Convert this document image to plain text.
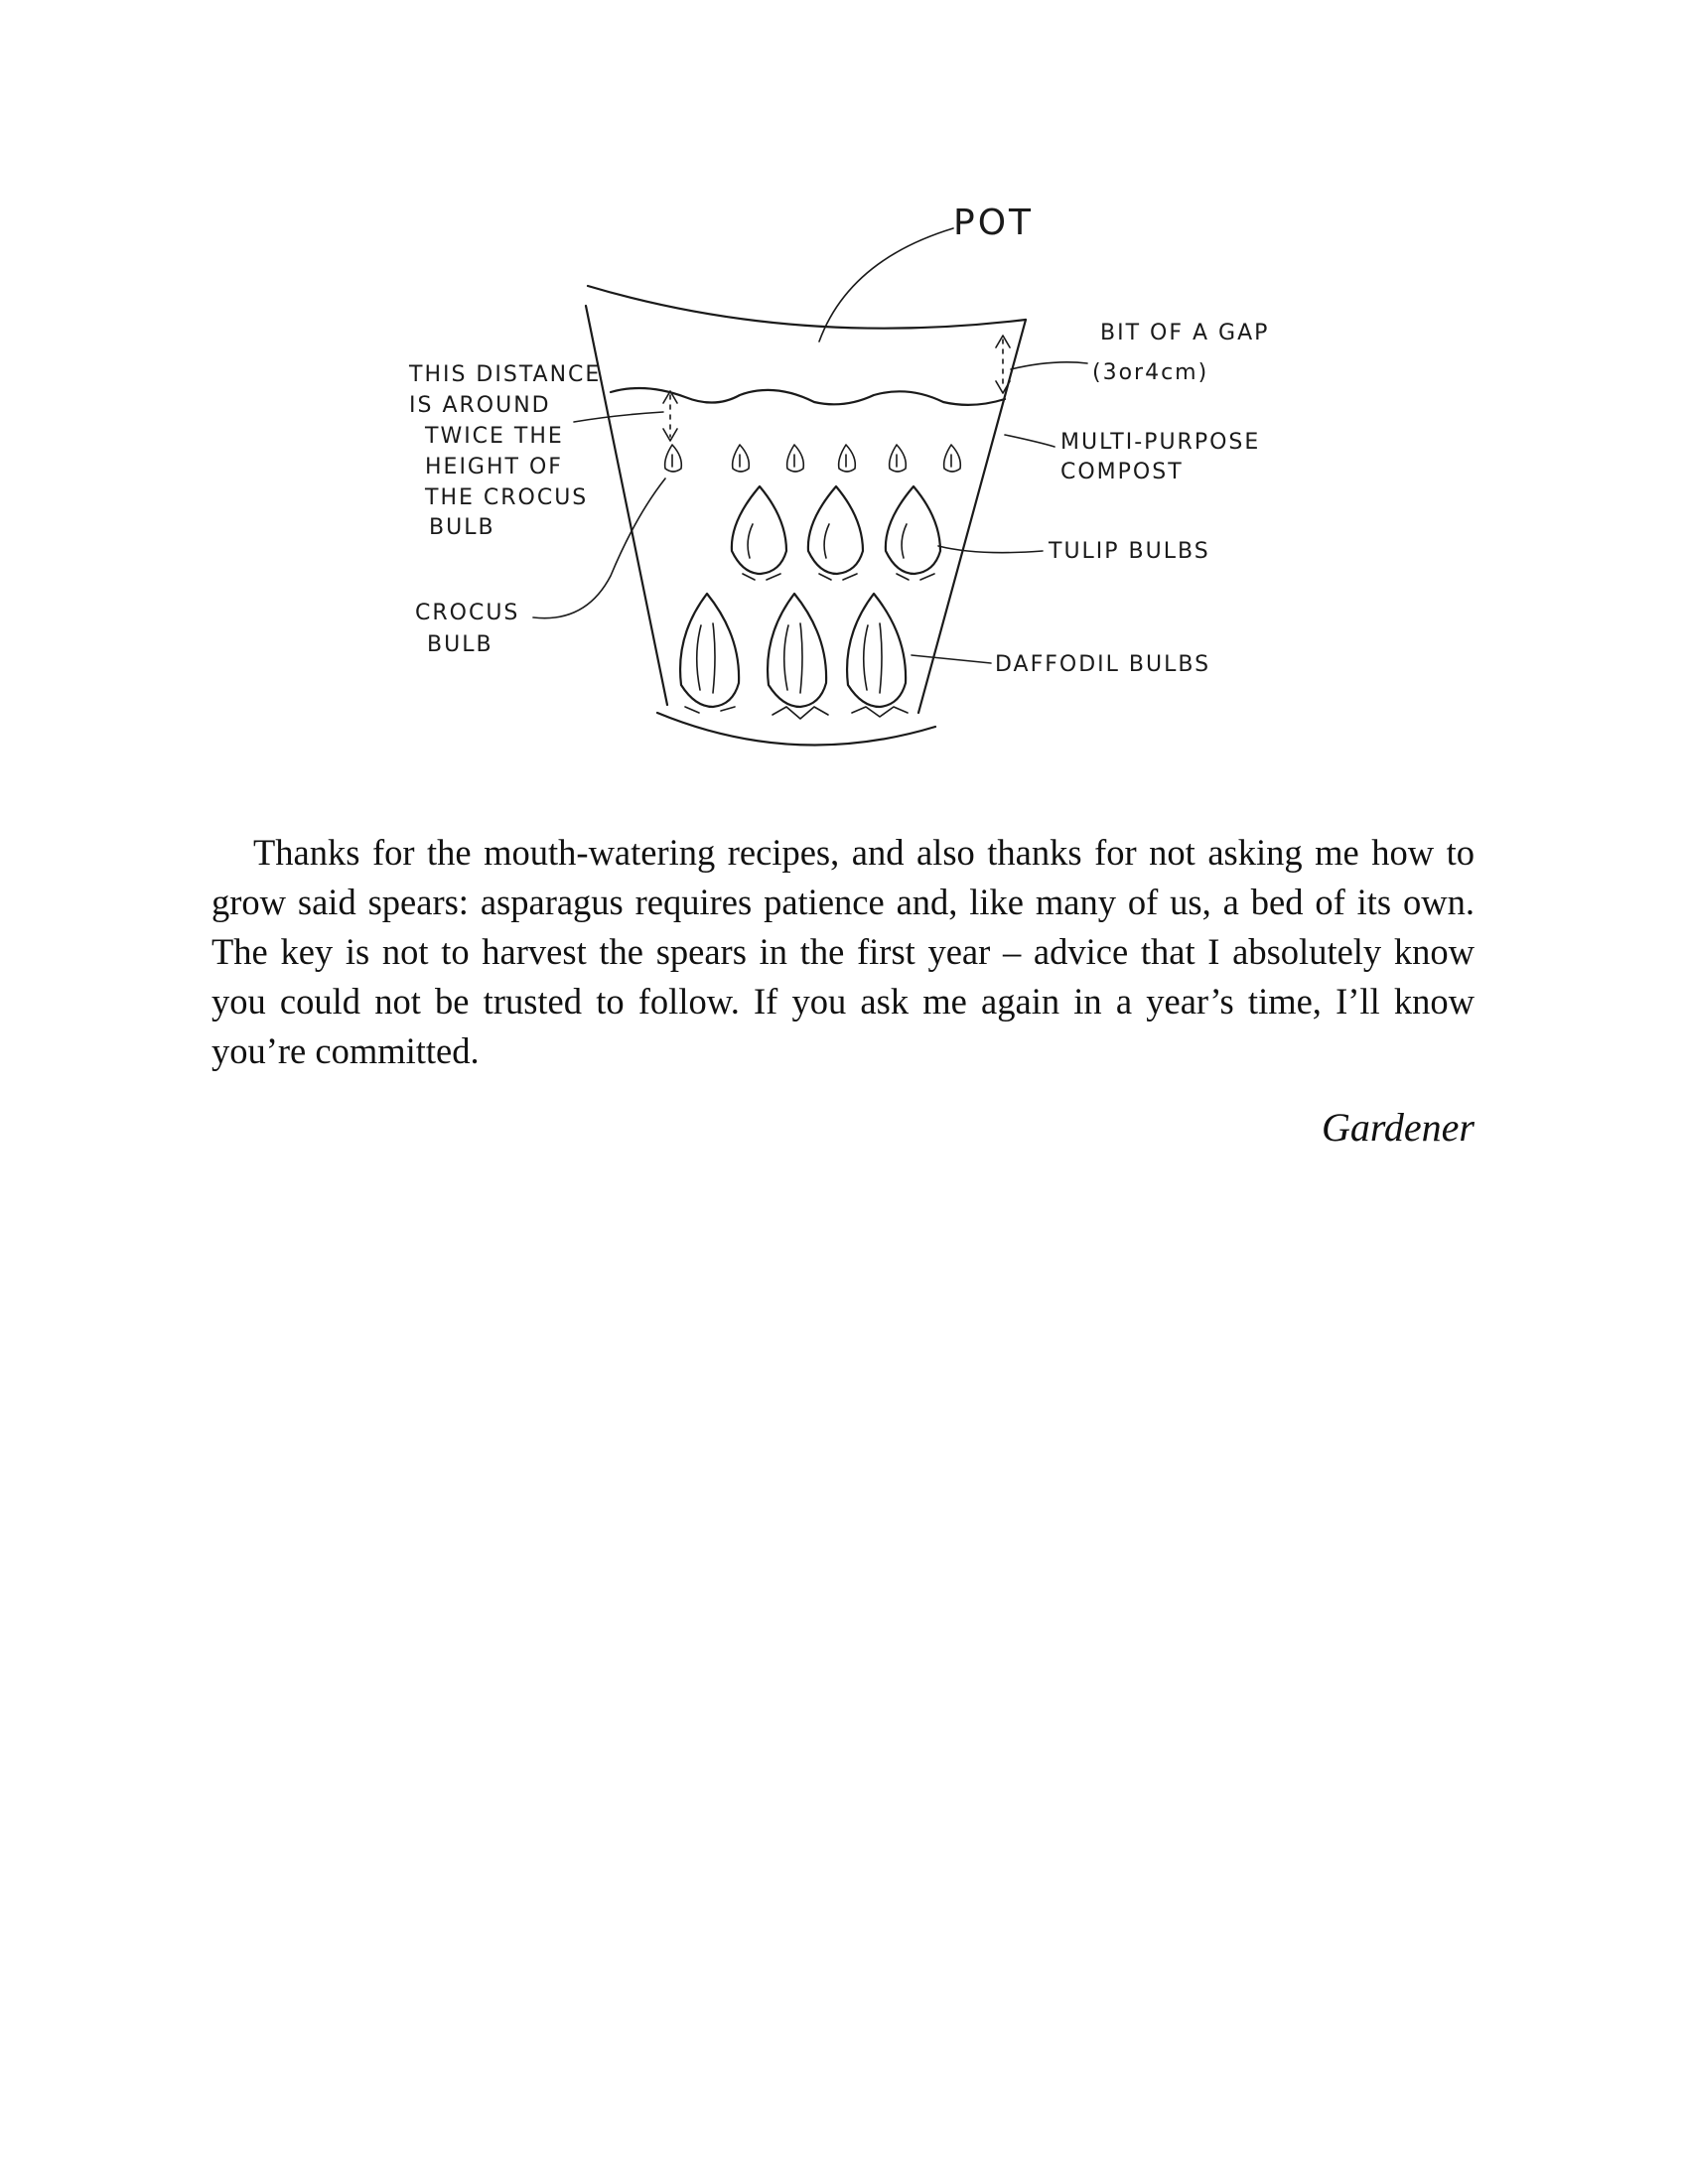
POT
BIT OF A GAP
(3or4cm)
THIS DISTANCE
IS AROUND
TWICE THE
HEIGHT OF
THE CROCUS
BULB
MULTI-PURPOSE
COMPOST
CROCUS
BULB
TULIP BULBS
DAFFODIL BULBS

Thanks for the mouth-watering recipes, and also thanks for not asking me how to grow said spears: asparagus requires patience and, like many of us, a bed of its own. The key is not to harvest the spears in the first year – advice that I absolutely know you could not be trusted to follow. If you ask me again in a year’s time, I’ll know you’re committed.

Gardener
